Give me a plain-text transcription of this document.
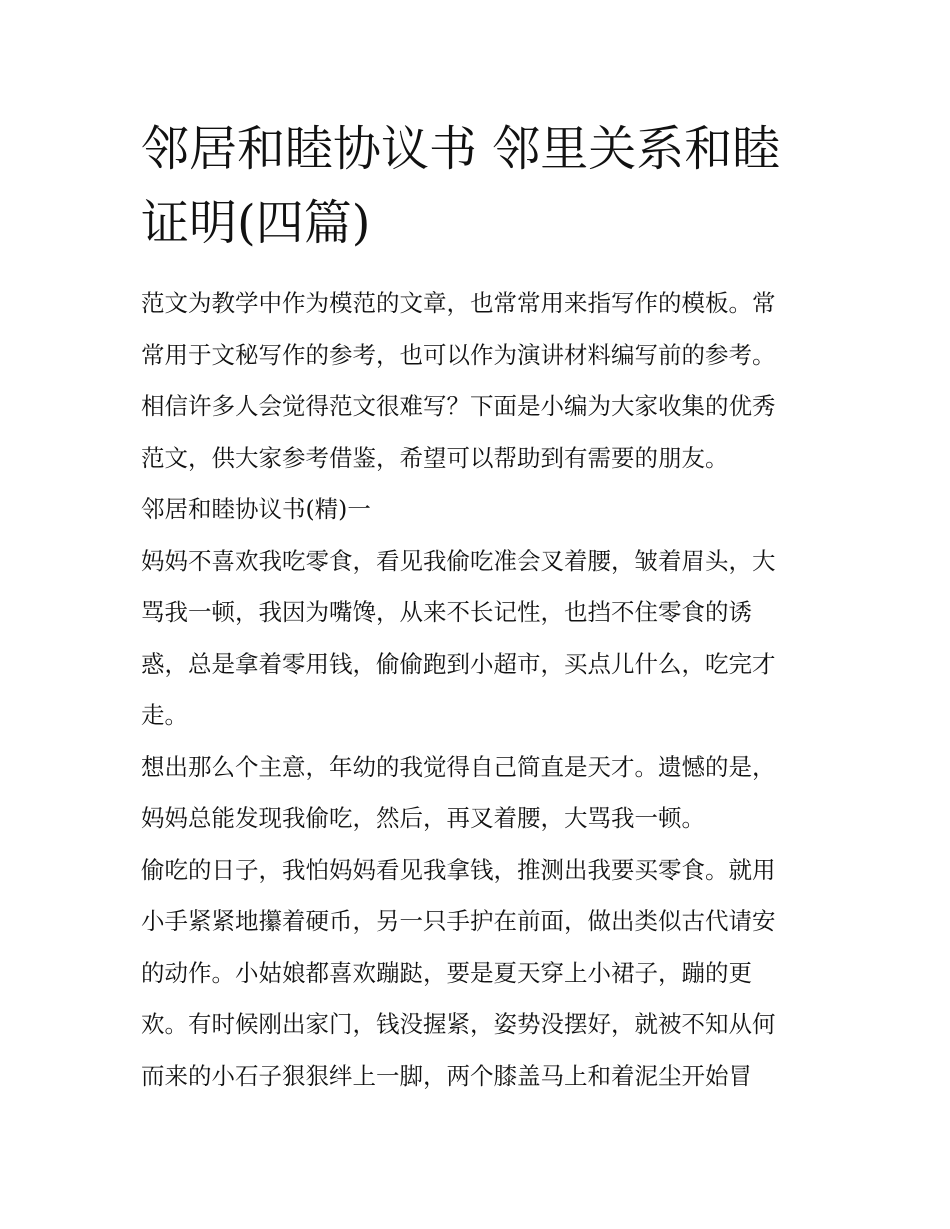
邻居和睦协议书 邻里关系和睦
证明(四篇)
范文为教学中作为模范的文章，也常常用来指写作的模板。常
常用于文秘写作的参考，也可以作为演讲材料编写前的参考。
相信许多人会觉得范文很难写？下面是小编为大家收集的优秀
范文，供大家参考借鉴，希望可以帮助到有需要的朋友。
邻居和睦协议书(精)一
妈妈不喜欢我吃零食，看见我偷吃准会叉着腰，皱着眉头，大
骂我一顿，我因为嘴馋，从来不长记性，也挡不住零食的诱
惑，总是拿着零用钱，偷偷跑到小超市，买点儿什么，吃完才
走。
想出那么个主意，年幼的我觉得自己简直是天才。遗憾的是，
妈妈总能发现我偷吃，然后，再叉着腰，大骂我一顿。
偷吃的日子，我怕妈妈看见我拿钱，推测出我要买零食。就用
小手紧紧地攥着硬币，另一只手护在前面，做出类似古代请安
的动作。小姑娘都喜欢蹦跶，要是夏天穿上小裙子，蹦的更
欢。有时候刚出家门，钱没握紧，姿势没摆好，就被不知从何
而来的小石子狠狠绊上一脚，两个膝盖马上和着泥尘开始冒
